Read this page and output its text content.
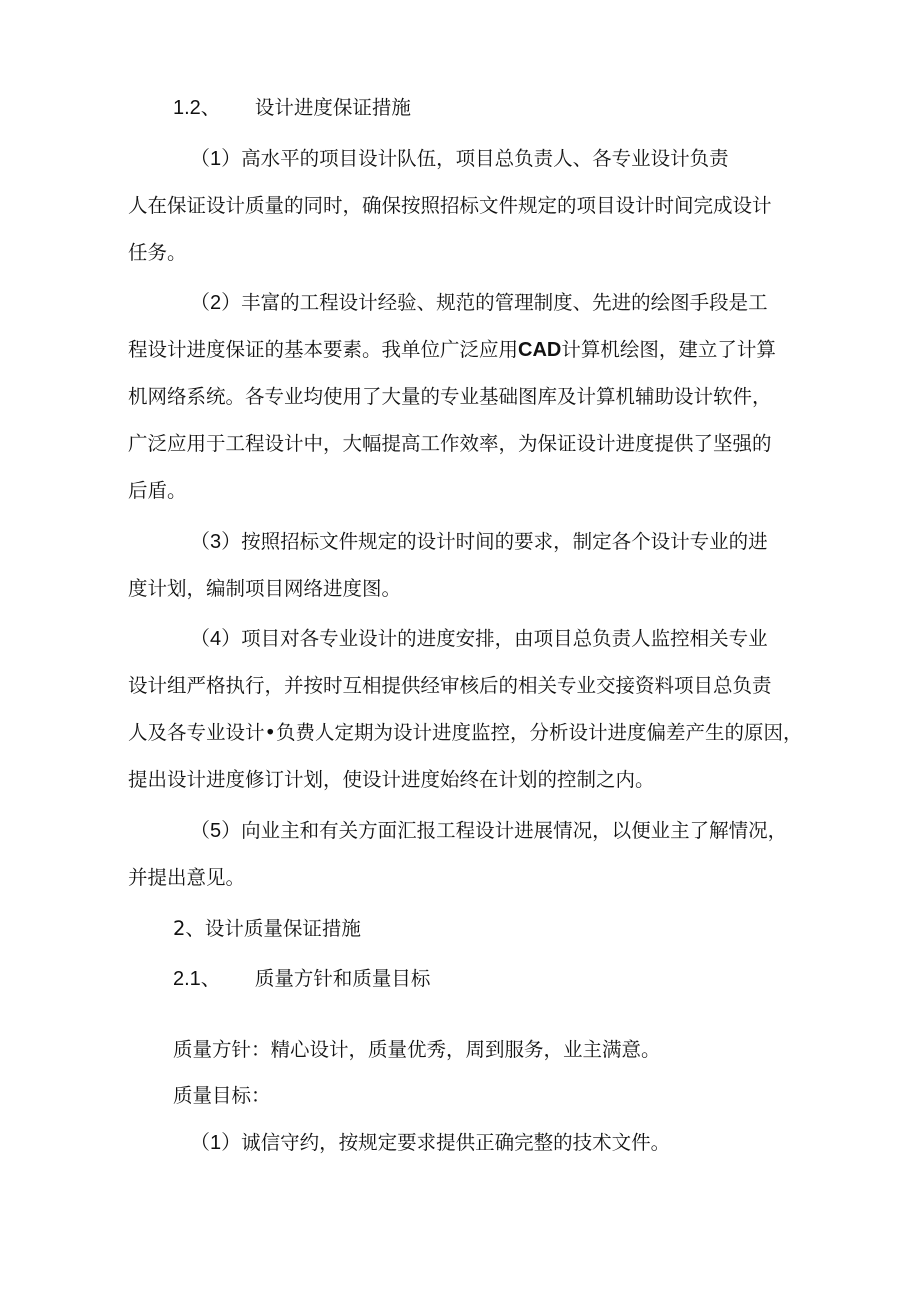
1.2、 设计进度保证措施
（1）高水平的项目设计队伍，项目总负责人、各专业设计负责
人在保证设计质量的同时，确保按照招标文件规定的项目设计时间完成设计
任务。
（2）丰富的工程设计经验、规范的管理制度、先进的绘图手段是工
程设计进度保证的基本要素。我单位广泛应用CAD计算机绘图，建立了计算
机网络系统。各专业均使用了大量的专业基础图库及计算机辅助设计软件，
广泛应用于工程设计中，大幅提高工作效率，为保证设计进度提供了坚强的
后盾。
（3）按照招标文件规定的设计时间的要求，制定各个设计专业的进
度计划，编制项目网络进度图。
（4）项目对各专业设计的进度安排，由项目总负责人监控相关专业
设计组严格执行，并按时互相提供经审核后的相关专业交接资料项目总负责
人及各专业设计•负费人定期为设计进度监控，分析设计进度偏差产生的原因，
提出设计进度修订计划，使设计进度始终在计划的控制之内。
（5）向业主和有关方面汇报工程设计进展情况，以便业主了解情况，
并提出意见。
2、设计质量保证措施
2.1、 质量方针和质量目标
质量方针：精心设计，质量优秀，周到服务，业主满意。
质量目标：
（1）诚信守约，按规定要求提供正确完整的技术文件。
